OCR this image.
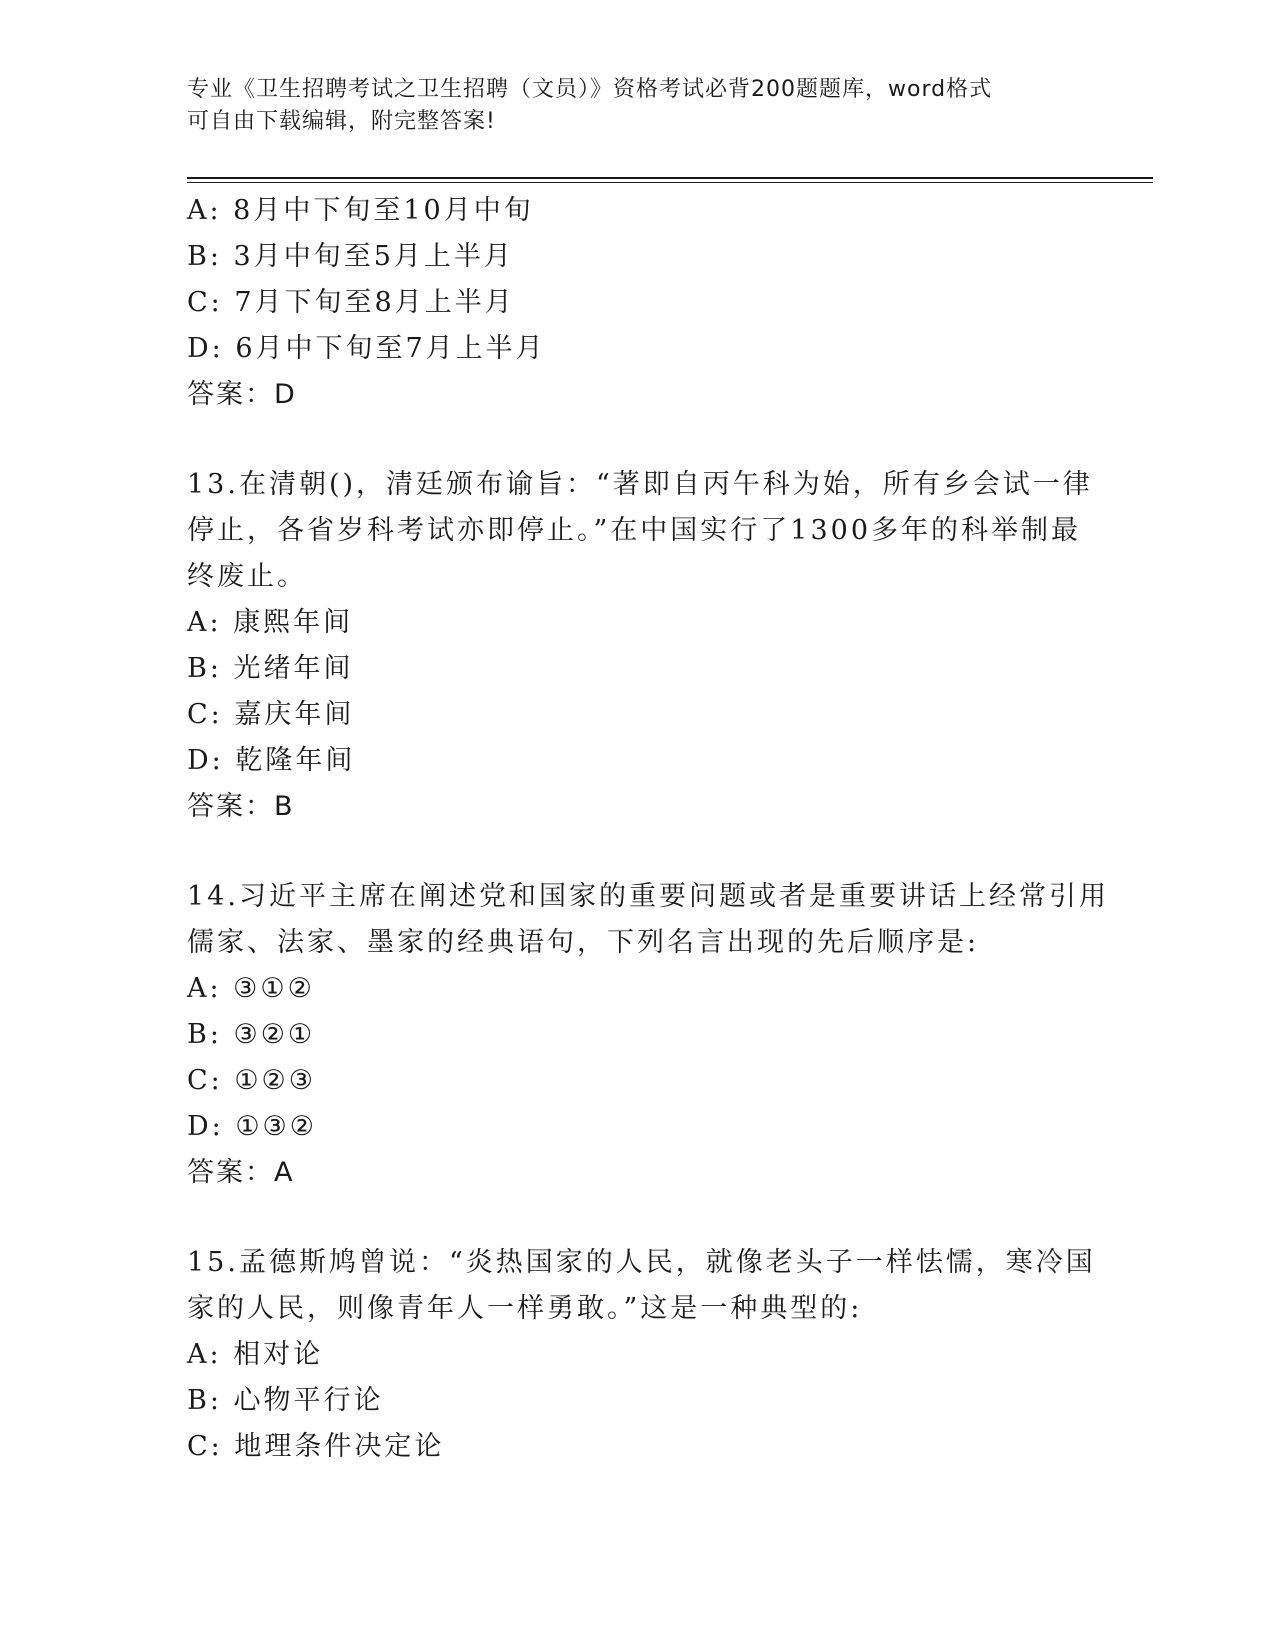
专业《卫生招聘考试之卫生招聘（文员）》资格考试必背200题题库，word格式
可自由下载编辑，附完整答案!
A: 8月中下旬至10月中旬
B: 3月中旬至5月上半月
C: 7月下旬至8月上半月
D: 6月中下旬至7月上半月
答案：D
13.在清朝()，清廷颁布谕旨：“著即自丙午科为始，所有乡会试一律
停止，各省岁科考试亦即停止。”在中国实行了1300多年的科举制最
终废止。
A: 康熙年间
B: 光绪年间
C: 嘉庆年间
D: 乾隆年间
答案：B
14.习近平主席在阐述党和国家的重要问题或者是重要讲话上经常引用
儒家、法家、墨家的经典语句，下列名言出现的先后顺序是:
A: ③①②
B: ③②①
C: ①②③
D: ①③②
答案：A
15.孟德斯鸠曾说：“炎热国家的人民，就像老头子一样怯懦，寒冷国
家的人民，则像青年人一样勇敢。”这是一种典型的:
A: 相对论
B: 心物平行论
C: 地理条件决定论
